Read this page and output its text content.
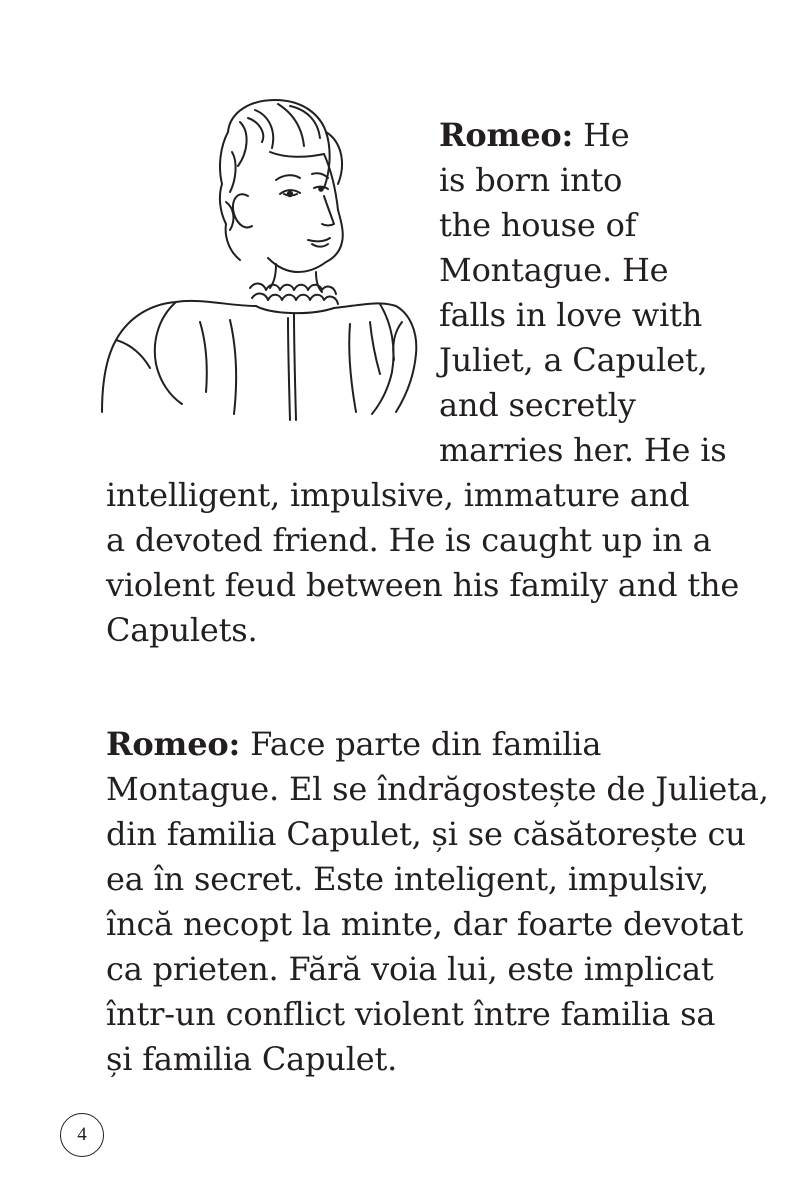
Romeo: He
is born into
the house of
Montague. He
falls in love with
Juliet, a Capulet,
and secretly
marries her. He is
intelligent, impulsive, immature and
a devoted friend. He is caught up in a
violent feud between his family and the
Capulets.
Romeo: Face parte din familia
Montague. El se îndrăgostește de Julieta,
din familia Capulet, și se căsătorește cu
ea în secret. Este inteligent, impulsiv,
încă necopt la minte, dar foarte devotat
ca prieten. Fără voia lui, este implicat
într-un conflict violent între familia sa
și familia Capulet.
4
